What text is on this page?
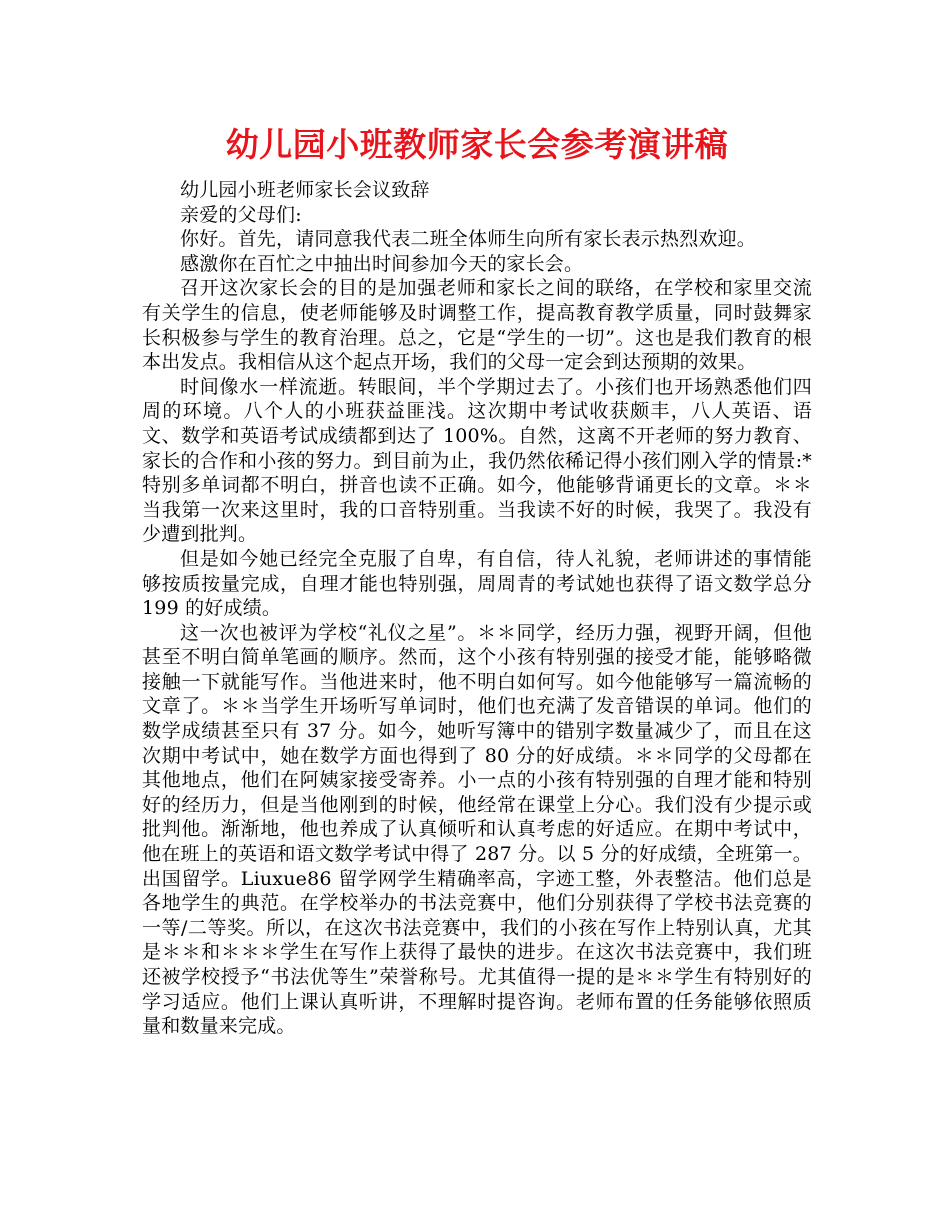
幼儿园小班教师家长会参考演讲稿

幼儿园小班老师家长会议致辞

亲爱的父母们:

你好。首先，请同意我代表二班全体师生向所有家长表示热烈欢迎。

感激你在百忙之中抽出时间参加今天的家长会。

召开这次家长会的目的是加强老师和家长之间的联络，在学校和家里交流有关学生的信息，使老师能够及时调整工作，提高教育教学质量，同时鼓舞家长积极参与学生的教育治理。总之，它是“学生的一切”。这也是我们教育的根本出发点。我相信从这个起点开场，我们的父母一定会到达预期的效果。

时间像水一样流逝。转眼间，半个学期过去了。小孩们也开场熟悉他们四周的环境。八个人的小班获益匪浅。这次期中考试收获颇丰，八人英语、语文、数学和英语考试成绩都到达了 100%。自然，这离不开老师的努力教育、家长的合作和小孩的努力。到目前为止，我仍然依稀记得小孩们刚入学的情景:*特别多单词都不明白，拼音也读不正确。如今，他能够背诵更长的文章。＊＊当我第一次来这里时，我的口音特别重。当我读不好的时候，我哭了。我没有少遭到批判。

但是如今她已经完全克服了自卑，有自信，待人礼貌，老师讲述的事情能够按质按量完成，自理才能也特别强，周周青的考试她也获得了语文数学总分 199 的好成绩。

这一次也被评为学校“礼仪之星”。＊＊同学，经历力强，视野开阔，但他甚至不明白简单笔画的顺序。然而，这个小孩有特别强的接受才能，能够略微接触一下就能写作。当他进来时，他不明白如何写。如今他能够写一篇流畅的文章了。＊＊当学生开场听写单词时，他们也充满了发音错误的单词。他们的数学成绩甚至只有 37 分。如今，她听写簿中的错别字数量减少了，而且在这次期中考试中，她在数学方面也得到了 80 分的好成绩。＊＊同学的父母都在其他地点，他们在阿姨家接受寄养。小一点的小孩有特别强的自理才能和特别好的经历力，但是当他刚到的时候，他经常在课堂上分心。我们没有少提示或批判他。渐渐地，他也养成了认真倾听和认真考虑的好适应。在期中考试中，他在班上的英语和语文数学考试中得了 287 分。以 5 分的好成绩，全班第一。出国留学。Liuxue86 留学网学生精确率高，字迹工整，外表整洁。他们总是各地学生的典范。在学校举办的书法竞赛中，他们分别获得了学校书法竞赛的一等/二等奖。所以，在这次书法竞赛中，我们的小孩在写作上特别认真，尤其是＊＊和＊＊＊学生在写作上获得了最快的进步。在这次书法竞赛中，我们班还被学校授予“书法优等生”荣誉称号。尤其值得一提的是＊＊学生有特别好的学习适应。他们上课认真听讲，不理解时提咨询。老师布置的任务能够依照质量和数量来完成。
